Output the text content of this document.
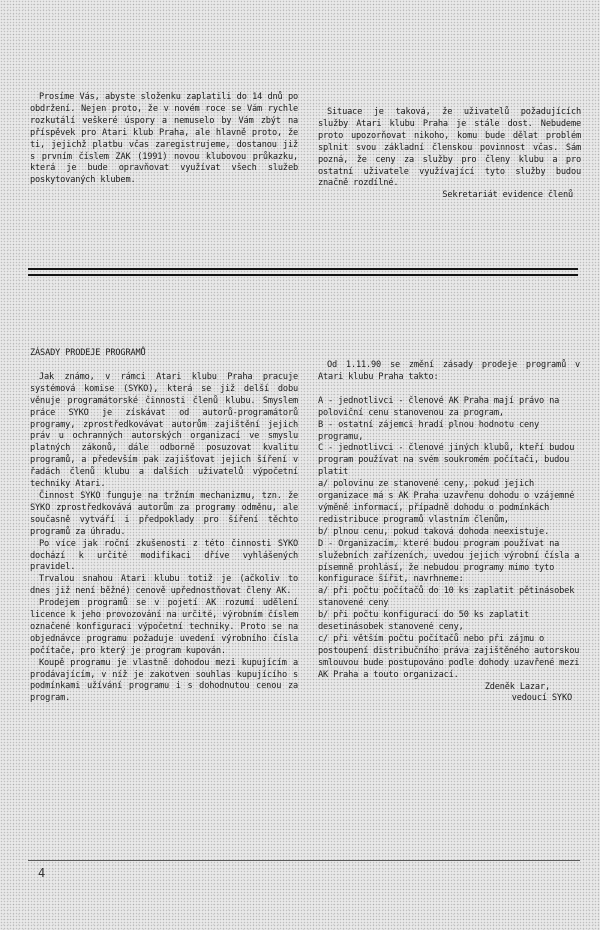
Prosíme Vás, abyste složenku zaplatili do 14 dnů po obdržení. Nejen proto, že v novém roce se Vám rychle rozkutálí veškeré úspory a nemuselo by Vám zbýt na příspěvek pro Atari klub Praha, ale hlavně proto, že ti, jejichž platbu včas zaregistrujeme, dostanou již s prvním číslem ZAK (1991) novou klubovou průkazku, která je bude opravňovat využívat všech služeb poskytovaných klubem.

Situace je taková, že uživatelů požadujících služby Atari klubu Praha je stále dost. Nebudeme proto upozorňovat nikoho, komu bude dělat problém splnit svou základní členskou povinnost včas. Sám pozná, že ceny za služby pro členy klubu a pro ostatní uživatele využívající tyto služby budou značně rozdílné.

Sekretariát evidence členů

ZÁSADY PRODEJE PROGRAMŮ

Jak známo, v rámci Atari klubu Praha pracuje systémová komise (SYKO), která se již delší dobu věnuje programátorské činnosti členů klubu. Smyslem práce SYKO je získávat od autorů-programátorů programy, zprostředkovávat autorům zajištění jejich práv u ochranných autorských organizací ve smyslu platných zákonů, dále odborně posuzovat kvalitu programů, a především pak zajišťovat jejich šíření v řadách členů klubu a dalších uživatelů výpočetní techniky Atari.

Činnost SYKO funguje na tržním mechanizmu, tzn. že SYKO zprostředkovává autorům za programy odměnu, ale současně vytváří i předpoklady pro šíření těchto programů za úhradu.

Po více jak roční zkušenosti z této činnosti SYKO dochází k určité modifikaci dříve vyhlášených pravidel.

Trvalou snahou Atari klubu totiž je (ačkoliv to dnes již není běžné) cenově upřednostňovat členy AK.

Prodejem programů se v pojetí AK rozumí udělení licence k jeho provozování na určité, výrobním číslem označené konfiguraci výpočetní techniky. Proto se na objednávce programu požaduje uvedení výrobního čísla počítače, pro který je program kupován.

Koupě programu je vlastně dohodou mezi kupujícím a prodávajícím, v níž je zakotven souhlas kupujícího s podmínkami užívání programu i s dohodnutou cenou za program.

Od 1.11.90 se změní zásady prodeje programů v Atari klubu Praha takto:

A - jednotlivci - členové AK Praha mají právo na poloviční cenu stanovenou za program,
B - ostatní zájemci hradí plnou hodnotu ceny programu,
C - jednotlivci - členové jiných klubů, kteří budou program používat na svém soukromém počítači, budou platit
a/ polovinu ze stanovené ceny, pokud jejich organizace má s AK Praha uzavřenu dohodu o vzájemné výměně informací, případně dohodu o podmínkách redistribuce programů vlastním členům,
b/ plnou cenu, pokud taková dohoda neexistuje.
D - Organizacím, které budou program používat na služebních zařízeních, uvedou jejich výrobní čísla a písemně prohlásí, že nebudou programy mimo tyto konfigurace šířit, navrhneme:
a/ při počtu počítačů do 10 ks zaplatit pětinásobek stanovené ceny
b/ při počtu konfigurací do 50 ks zaplatit desetinásobek stanovené ceny,
c/ při větším počtu počítačů nebo při zájmu o postoupení distribučního práva zajištěného autorskou smlouvou bude postupováno podle dohody uzavřené mezi AK Praha a touto organizací.

Zdeněk Lazar,

vedoucí SYKO

4
